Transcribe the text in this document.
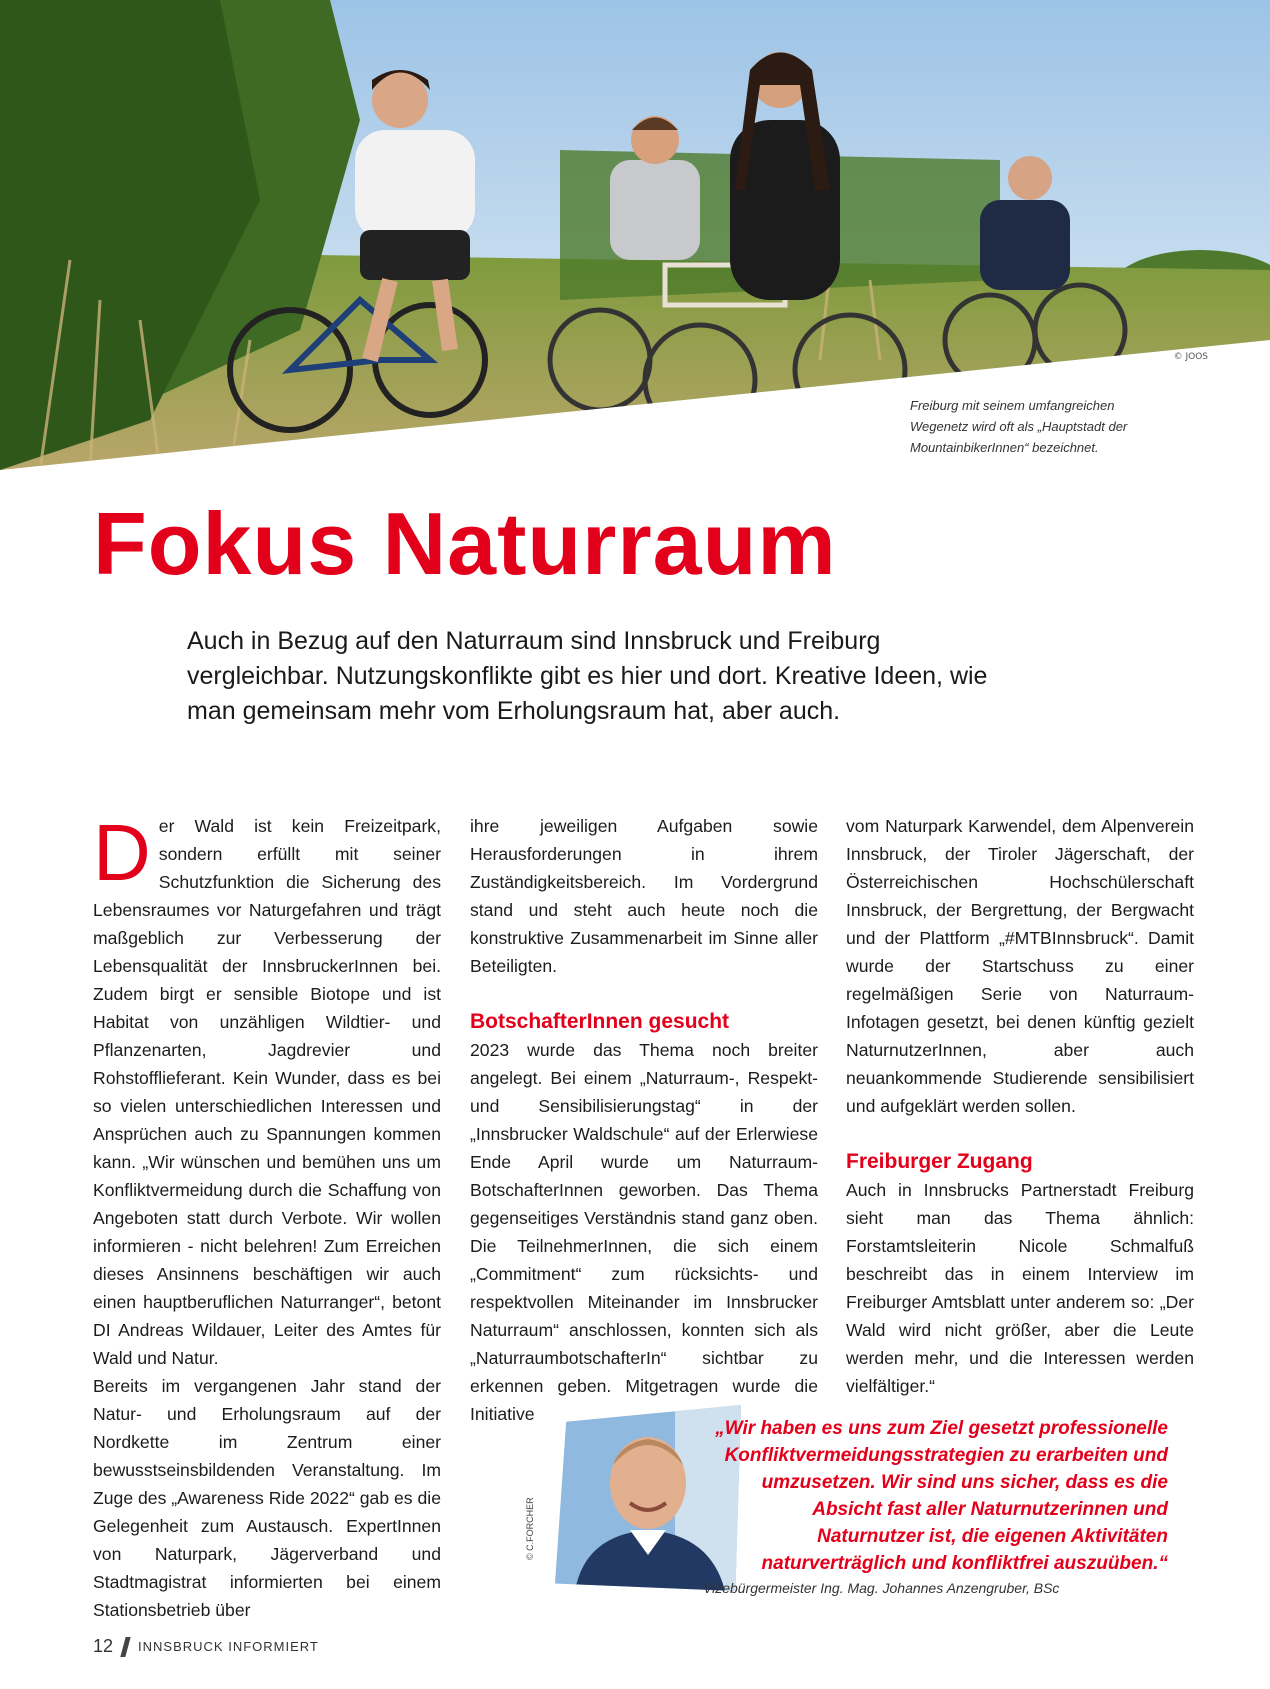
© JOOS
Freiburg mit seinem umfangreichen Wegenetz wird oft als „Hauptstadt der MountainbikerInnen“ bezeichnet.
Fokus Naturraum

Auch in Bezug auf den Naturraum sind Innsbruck und Freiburg vergleichbar. Nutzungskonflikte gibt es hier und dort. Kreative Ideen, wie man gemeinsam mehr vom Erholungsraum hat, aber auch.

D er Wald ist kein Freizeitpark, sondern erfüllt mit seiner Schutzfunktion die Sicherung des Lebensraumes vor Naturgefahren und trägt maßgeblich zur Verbesserung der Lebensqualität der InnsbruckerInnen bei. Zudem birgt er sensible Biotope und ist Habitat von unzähligen Wildtier- und Pflanzenarten, Jagdrevier und Rohstofflieferant. Kein Wunder, dass es bei so vielen unterschiedlichen Interessen und Ansprüchen auch zu Spannungen kommen kann. „Wir wünschen und bemühen uns um Konfliktvermeidung durch die Schaffung von Angeboten statt durch Verbote. Wir wollen informieren - nicht belehren! Zum Erreichen dieses Ansinnens beschäftigen wir auch einen hauptberuflichen Naturranger“, betont DI Andreas Wildauer, Leiter des Amtes für Wald und Natur.

Bereits im vergangenen Jahr stand der Natur- und Erholungsraum auf der Nordkette im Zentrum einer bewusstseinsbildenden Veranstaltung. Im Zuge des „Awareness Ride 2022“ gab es die Gelegenheit zum Austausch. ExpertInnen von Naturpark, Jägerverband und Stadtmagistrat informierten bei einem Stationsbetrieb über

ihre jeweiligen Aufgaben sowie Herausforderungen in ihrem Zuständigkeitsbereich. Im Vordergrund stand und steht auch heute noch die konstruktive Zusammenarbeit im Sinne aller Beteiligten.

BotschafterInnen gesucht

2023 wurde das Thema noch breiter angelegt. Bei einem „Naturraum-, Respekt- und Sensibilisierungstag“ in der „Innsbrucker Waldschule“ auf der Erlerwiese Ende April wurde um Naturraum-BotschafterInnen geworben. Das Thema gegenseitiges Verständnis stand ganz oben. Die TeilnehmerInnen, die sich einem „Commitment“ zum rücksichts- und respektvollen Miteinander im Innsbrucker Naturraum“ anschlossen, konnten sich als „NaturraumbotschafterIn“ sichtbar zu erkennen geben. Mitgetragen wurde die Initiative

vom Naturpark Karwendel, dem Alpenverein Innsbruck, der Tiroler Jägerschaft, der Österreichischen Hochschülerschaft Innsbruck, der Bergrettung, der Bergwacht und der Plattform „#MTBInnsbruck“. Damit wurde der Startschuss zu einer regelmäßigen Serie von Naturraum-Infotagen gesetzt, bei denen künftig gezielt NaturnutzerInnen, aber auch neuankommende Studierende sensibilisiert und aufgeklärt werden sollen.

Freiburger Zugang

Auch in Innsbrucks Partnerstadt Freiburg sieht man das Thema ähnlich: Forstamtsleiterin Nicole Schmalfuß beschreibt das in einem Interview im Freiburger Amtsblatt unter anderem so: „Der Wald wird nicht größer, aber die Leute werden mehr, und die Interessen werden vielfältiger.“

© C.FORCHER

„Wir haben es uns zum Ziel gesetzt professionelle Konfliktvermeidungsstrategien zu erarbeiten und umzusetzen. Wir sind uns sicher, dass es die Absicht fast aller Naturnutzerinnen und Naturnutzer ist, die eigenen Aktivitäten naturverträglich und konfliktfrei auszuüben.“

Vizebürgermeister Ing. Mag. Johannes Anzengruber, BSc
12 INNSBRUCK INFORMIERT
